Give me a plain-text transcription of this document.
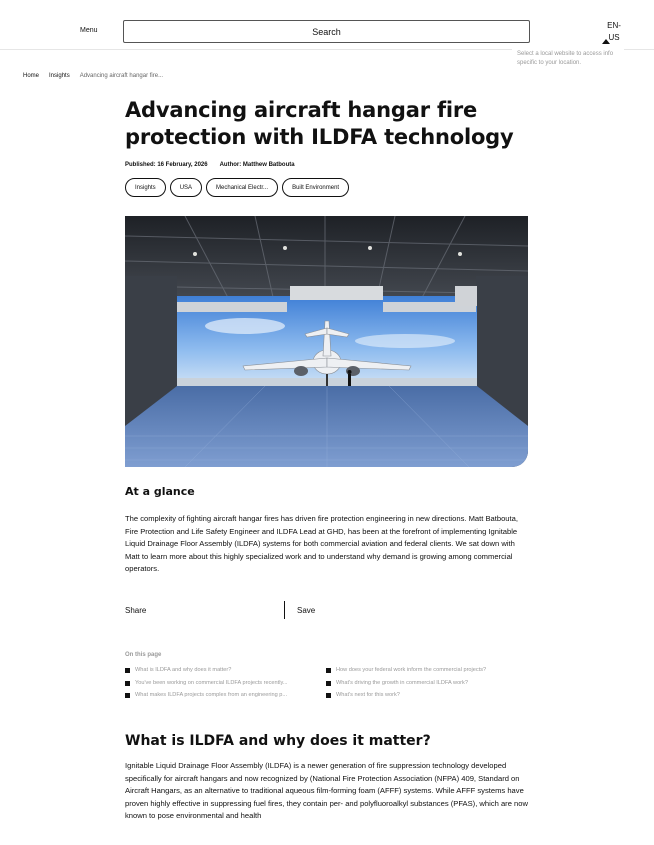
Menu	Search
EN-US
Select a local website to access info specific to your location.
Home Insights Advancing aircraft hangar fire...
Advancing aircraft hangar fire protection with ILDFA technology
Published: 16 February, 2026 Author: Matthew Batbouta
Insights	USA	Mechanical Electr...	Built Environment
At a glance

The complexity of fighting aircraft hangar fires has driven fire protection engineering in new directions. Matt Batbouta, Fire Protection and Life Safety Engineer and ILDFA Lead at GHD, has been at the forefront of implementing Ignitable Liquid Drainage Floor Assembly (ILDFA) systems for both commercial aviation and federal clients. We sat down with Matt to learn more about this highly specialized work and to understand why demand is growing among commercial operators.

Share	Save
On this page
What is ILDFA and why does it matter?	How does your federal work inform the commercial projects?
You've been working on commercial ILDFA projects recently...	What's driving the growth in commercial ILDFA work?
What makes ILDFA projects complex from an engineering p...	What's next for this work?
What is ILDFA and why does it matter?

Ignitable Liquid Drainage Floor Assembly (ILDFA) is a newer generation of fire suppression technology developed specifically for aircraft hangars and now recognized by (National Fire Protection Association (NFPA) 409, Standard on Aircraft Hangars, as an alternative to traditional aqueous film-forming foam (AFFF) systems. While AFFF systems have proven highly effective in suppressing fuel fires, they contain per- and polyfluoroalkyl substances (PFAS), which are now known to pose environmental and health
